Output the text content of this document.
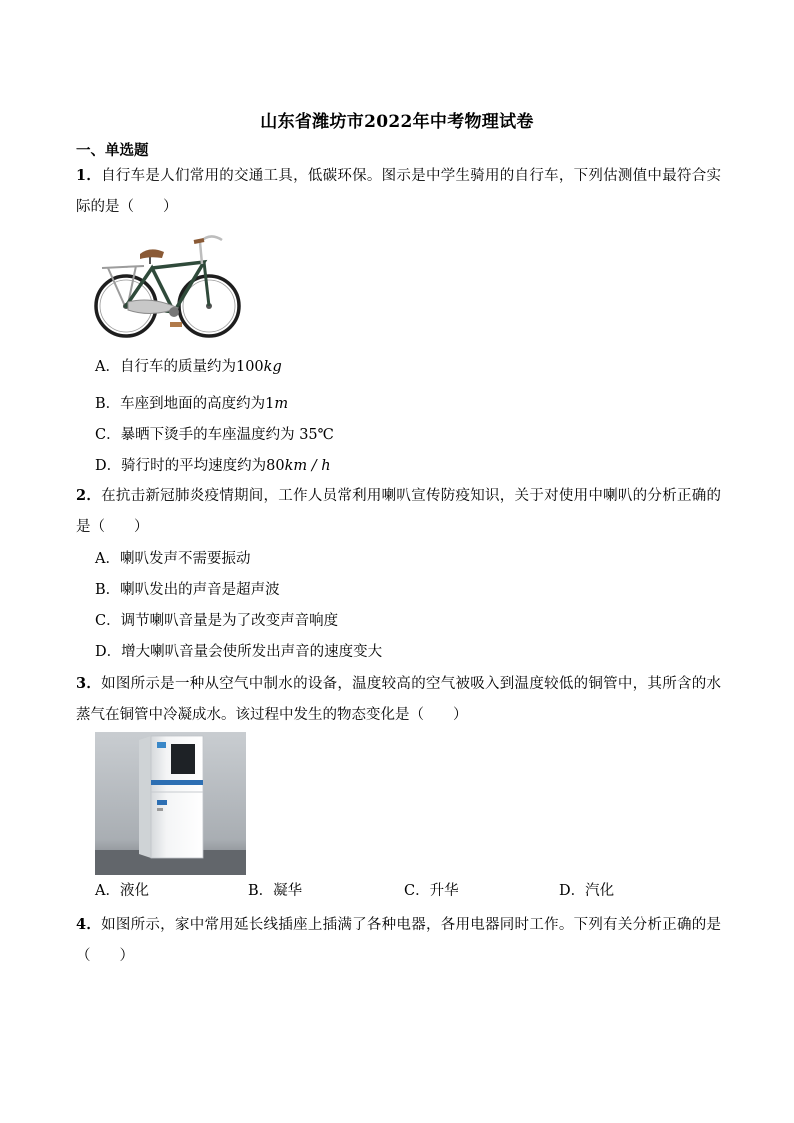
山东省潍坊市2022年中考物理试卷
一、单选题
1．自行车是人们常用的交通工具，低碳环保。图示是中学生骑用的自行车，下列估测值中最符合实际的是（　　）
A．自行车的质量约为100kg
B．车座到地面的高度约为1m
C．暴晒下烫手的车座温度约为 35℃
D．骑行时的平均速度约为80km / h
2．在抗击新冠肺炎疫情期间，工作人员常利用喇叭宣传防疫知识，关于对使用中喇叭的分析正确的是（　　）
A．喇叭发声不需要振动
B．喇叭发出的声音是超声波
C．调节喇叭音量是为了改变声音响度
D．增大喇叭音量会使所发出声音的速度变大
3．如图所示是一种从空气中制水的设备，温度较高的空气被吸入到温度较低的铜管中，其所含的水蒸气在铜管中冷凝成水。该过程中发生的物态变化是（　　）
A．液化	B．凝华	C．升华	D．汽化
4．如图所示，家中常用延长线插座上插满了各种电器，各用电器同时工作。下列有关分析正确的是（　　）
